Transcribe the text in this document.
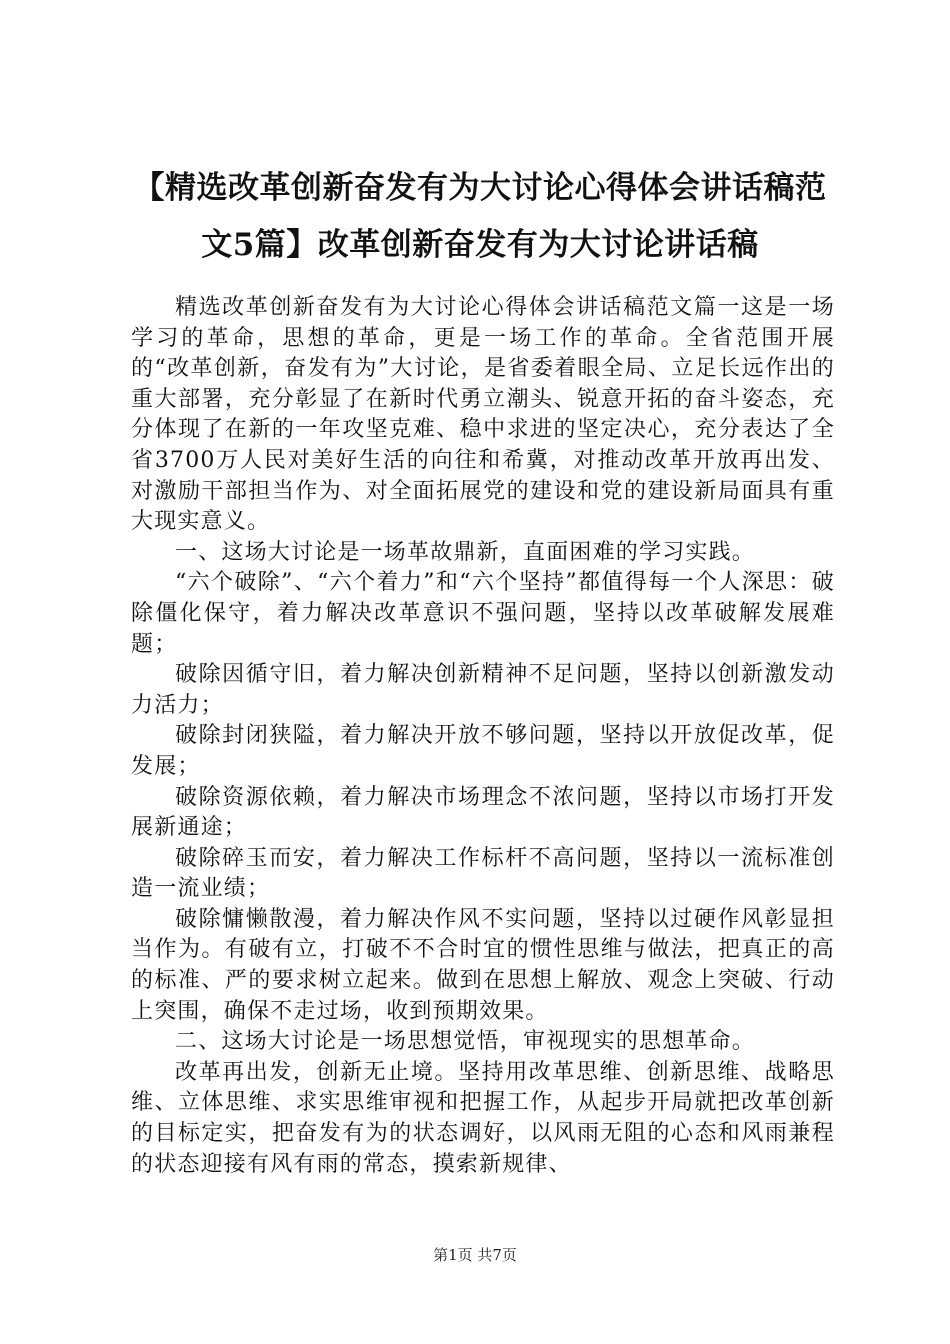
【精选改革创新奋发有为大讨论心得体会讲话稿范文5篇】改革创新奋发有为大讨论讲话稿

精选改革创新奋发有为大讨论心得体会讲话稿范文篇一这是一场学习的革命，思想的革命，更是一场工作的革命。全省范围开展的“改革创新，奋发有为”大讨论，是省委着眼全局、立足长远作出的重大部署，充分彰显了在新时代勇立潮头、锐意开拓的奋斗姿态，充分体现了在新的一年攻坚克难、稳中求进的坚定决心，充分表达了全省3700万人民对美好生活的向往和希冀，对推动改革开放再出发、对激励干部担当作为、对全面拓展党的建设和党的建设新局面具有重大现实意义。

一、这场大讨论是一场革故鼎新，直面困难的学习实践。

“六个破除”、“六个着力”和“六个坚持”都值得每一个人深思：破除僵化保守，着力解决改革意识不强问题，坚持以改革破解发展难题；

破除因循守旧，着力解决创新精神不足问题，坚持以创新激发动力活力；

破除封闭狭隘，着力解决开放不够问题，坚持以开放促改革，促发展；

破除资源依赖，着力解决市场理念不浓问题，坚持以市场打开发展新通途；

破除碎玉而安，着力解决工作标杆不高问题，坚持以一流标准创造一流业绩；

破除慵懒散漫，着力解决作风不实问题，坚持以过硬作风彰显担当作为。有破有立，打破不不合时宜的惯性思维与做法，把真正的高的标准、严的要求树立起来。做到在思想上解放、观念上突破、行动上突围，确保不走过场，收到预期效果。

二、这场大讨论是一场思想觉悟，审视现实的思想革命。

改革再出发，创新无止境。坚持用改革思维、创新思维、战略思维、立体思维、求实思维审视和把握工作，从起步开局就把改革创新的目标定实，把奋发有为的状态调好，以风雨无阻的心态和风雨兼程的状态迎接有风有雨的常态，摸索新规律、

第1页 共7页
